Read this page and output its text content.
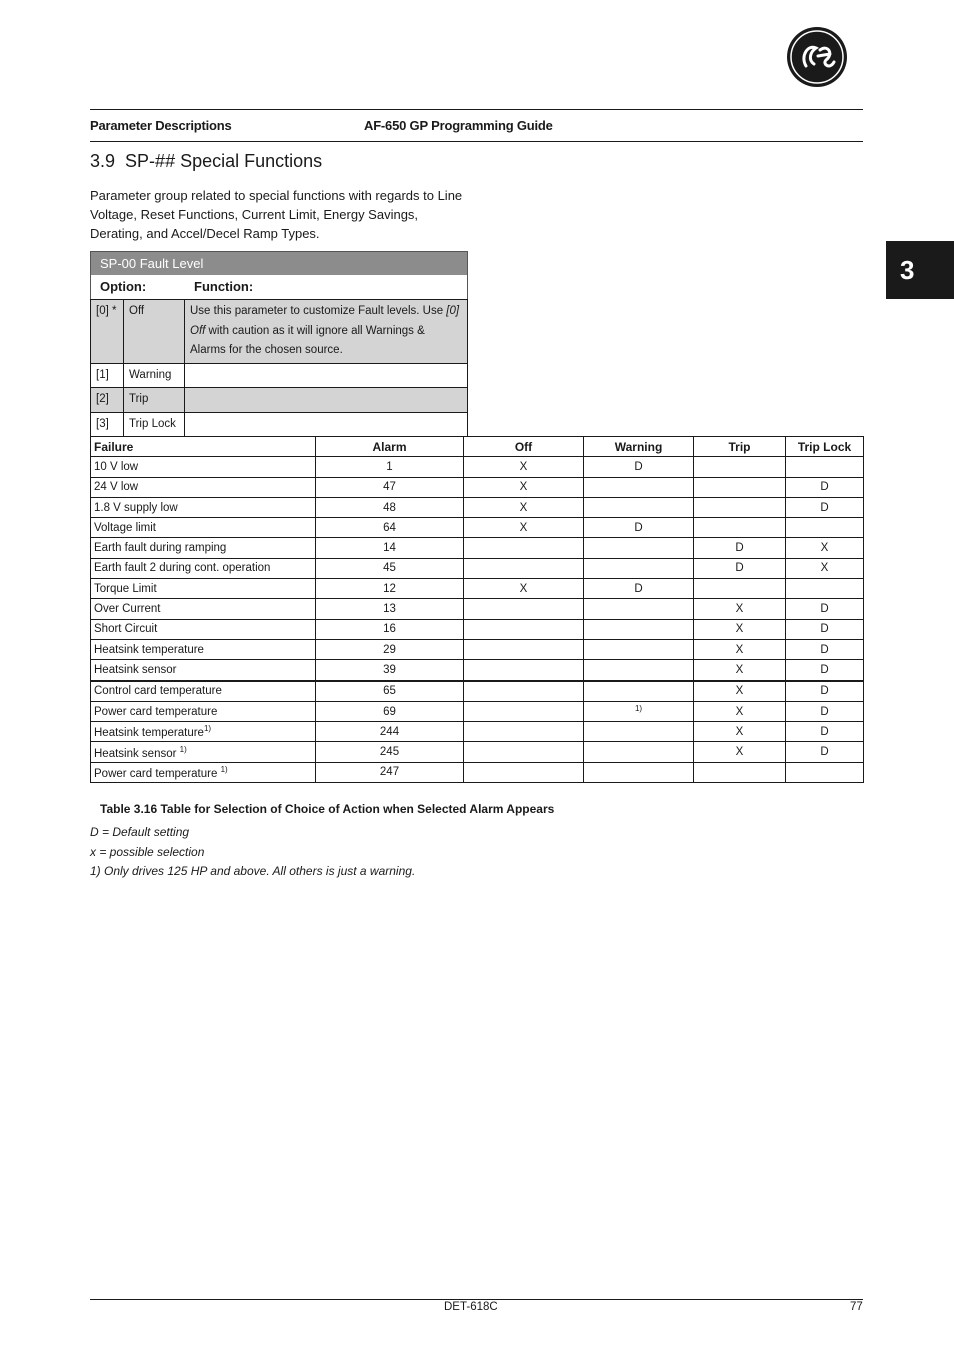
Parameter Descriptions	AF-650 GP Programming Guide
3
3.9 SP-## Special Functions
Parameter group related to special functions with regards to Line Voltage, Reset Functions, Current Limit, Energy Savings, Derating, and Accel/Decel Ramp Types.
SP-00 Fault Level
Option:	Function:
[0] *	Off	Use this parameter to customize Fault levels. Use [0] Off with caution as it will ignore all Warnings & Alarms for the chosen source.
[1]	Warning	
[2]	Trip	
[3]	Trip Lock	
Failure	Alarm	Off	Warning	Trip	Trip Lock
10 V low	1	X	D		
24 V low	47	X			D
1.8 V supply low	48	X			D
Voltage limit	64	X	D		
Earth fault during ramping	14			D	X
Earth fault 2 during cont. operation	45			D	X
Torque Limit	12	X	D		
Over Current	13			X	D
Short Circuit	16			X	D
Heatsink temperature	29			X	D
Heatsink sensor	39			X	D
Control card temperature	65			X	D
Power card temperature	69		$^{1)}$	X	D
Heatsink temperature$^{1)}$	244			X	D
Heatsink sensor $^{1)}$	245			X	D
Power card temperature $^{1)}$	247				
Table 3.16 Table for Selection of Choice of Action when Selected Alarm Appears
D = Default setting
x = possible selection
1) Only drives 125 HP and above. All others is just a warning.
DET-618C	77
